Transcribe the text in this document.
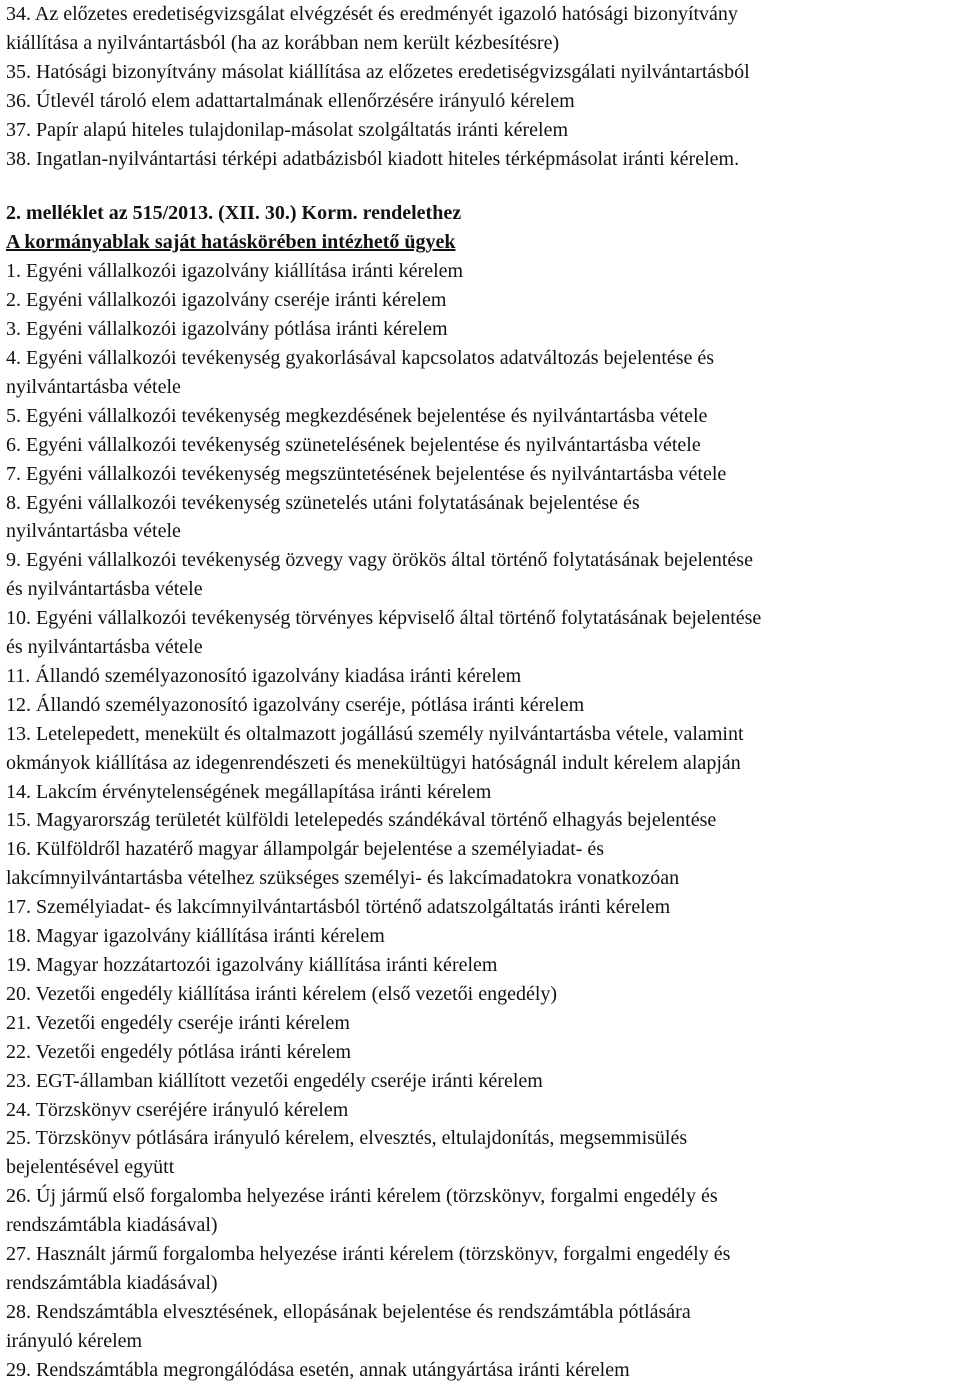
34. Az előzetes eredetiségvizsgálat elvégzését és eredményét igazoló hatósági bizonyítvány
kiállítása a nyilvántartásból (ha az korábban nem került kézbesítésre)
35. Hatósági bizonyítvány másolat kiállítása az előzetes eredetiségvizsgálati nyilvántartásból
36. Útlevél tároló elem adattartalmának ellenőrzésére irányuló kérelem
37. Papír alapú hiteles tulajdonilap-másolat szolgáltatás iránti kérelem
38. Ingatlan-nyilvántartási térképi adatbázisból kiadott hiteles térképmásolat iránti kérelem.
2. melléklet az 515/2013. (XII. 30.) Korm. rendelethez
A kormányablak saját hatáskörében intézhető ügyek
1. Egyéni vállalkozói igazolvány kiállítása iránti kérelem
2. Egyéni vállalkozói igazolvány cseréje iránti kérelem
3. Egyéni vállalkozói igazolvány pótlása iránti kérelem
4. Egyéni vállalkozói tevékenység gyakorlásával kapcsolatos adatváltozás bejelentése és
nyilvántartásba vétele
5. Egyéni vállalkozói tevékenység megkezdésének bejelentése és nyilvántartásba vétele
6. Egyéni vállalkozói tevékenység szünetelésének bejelentése és nyilvántartásba vétele
7. Egyéni vállalkozói tevékenység megszüntetésének bejelentése és nyilvántartásba vétele
8. Egyéni vállalkozói tevékenység szünetelés utáni folytatásának bejelentése és
nyilvántartásba vétele
9. Egyéni vállalkozói tevékenység özvegy vagy örökös által történő folytatásának bejelentése
és nyilvántartásba vétele
10. Egyéni vállalkozói tevékenység törvényes képviselő által történő folytatásának bejelentése
és nyilvántartásba vétele
11. Állandó személyazonosító igazolvány kiadása iránti kérelem
12. Állandó személyazonosító igazolvány cseréje, pótlása iránti kérelem
13. Letelepedett, menekült és oltalmazott jogállású személy nyilvántartásba vétele, valamint
okmányok kiállítása az idegenrendészeti és menekültügyi hatóságnál indult kérelem alapján
14. Lakcím érvénytelenségének megállapítása iránti kérelem
15. Magyarország területét külföldi letelepedés szándékával történő elhagyás bejelentése
16. Külföldről hazatérő magyar állampolgár bejelentése a személyiadat- és
lakcímnyilvántartásba vételhez szükséges személyi- és lakcímadatokra vonatkozóan
17. Személyiadat- és lakcímnyilvántartásból történő adatszolgáltatás iránti kérelem
18. Magyar igazolvány kiállítása iránti kérelem
19. Magyar hozzátartozói igazolvány kiállítása iránti kérelem
20. Vezetői engedély kiállítása iránti kérelem (első vezetői engedély)
21. Vezetői engedély cseréje iránti kérelem
22. Vezetői engedély pótlása iránti kérelem
23. EGT-államban kiállított vezetői engedély cseréje iránti kérelem
24. Törzskönyv cseréjére irányuló kérelem
25. Törzskönyv pótlására irányuló kérelem, elvesztés, eltulajdonítás, megsemmisülés
bejelentésével együtt
26. Új jármű első forgalomba helyezése iránti kérelem (törzskönyv, forgalmi engedély és
rendszámtábla kiadásával)
27. Használt jármű forgalomba helyezése iránti kérelem (törzskönyv, forgalmi engedély és
rendszámtábla kiadásával)
28. Rendszámtábla elvesztésének, ellopásának bejelentése és rendszámtábla pótlására
irányuló kérelem
29. Rendszámtábla megrongálódása esetén, annak utángyártása iránti kérelem
